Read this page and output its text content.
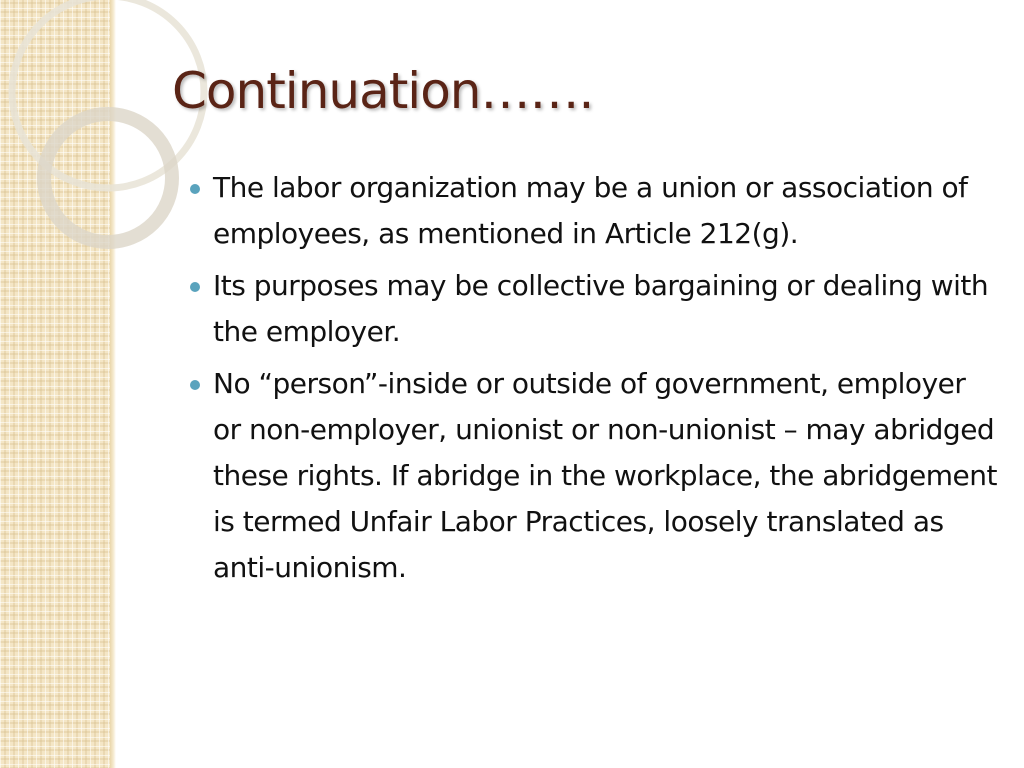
Continuation…….
The labor organization may be a union or association of employees, as mentioned in Article 212(g).
Its purposes may be collective bargaining or dealing with the employer.
No “person”-inside or outside of government, employer or non-employer, unionist or non-unionist – may abridged these rights. If abridge in the workplace, the abridgement is termed Unfair Labor Practices, loosely translated as anti-unionism.
